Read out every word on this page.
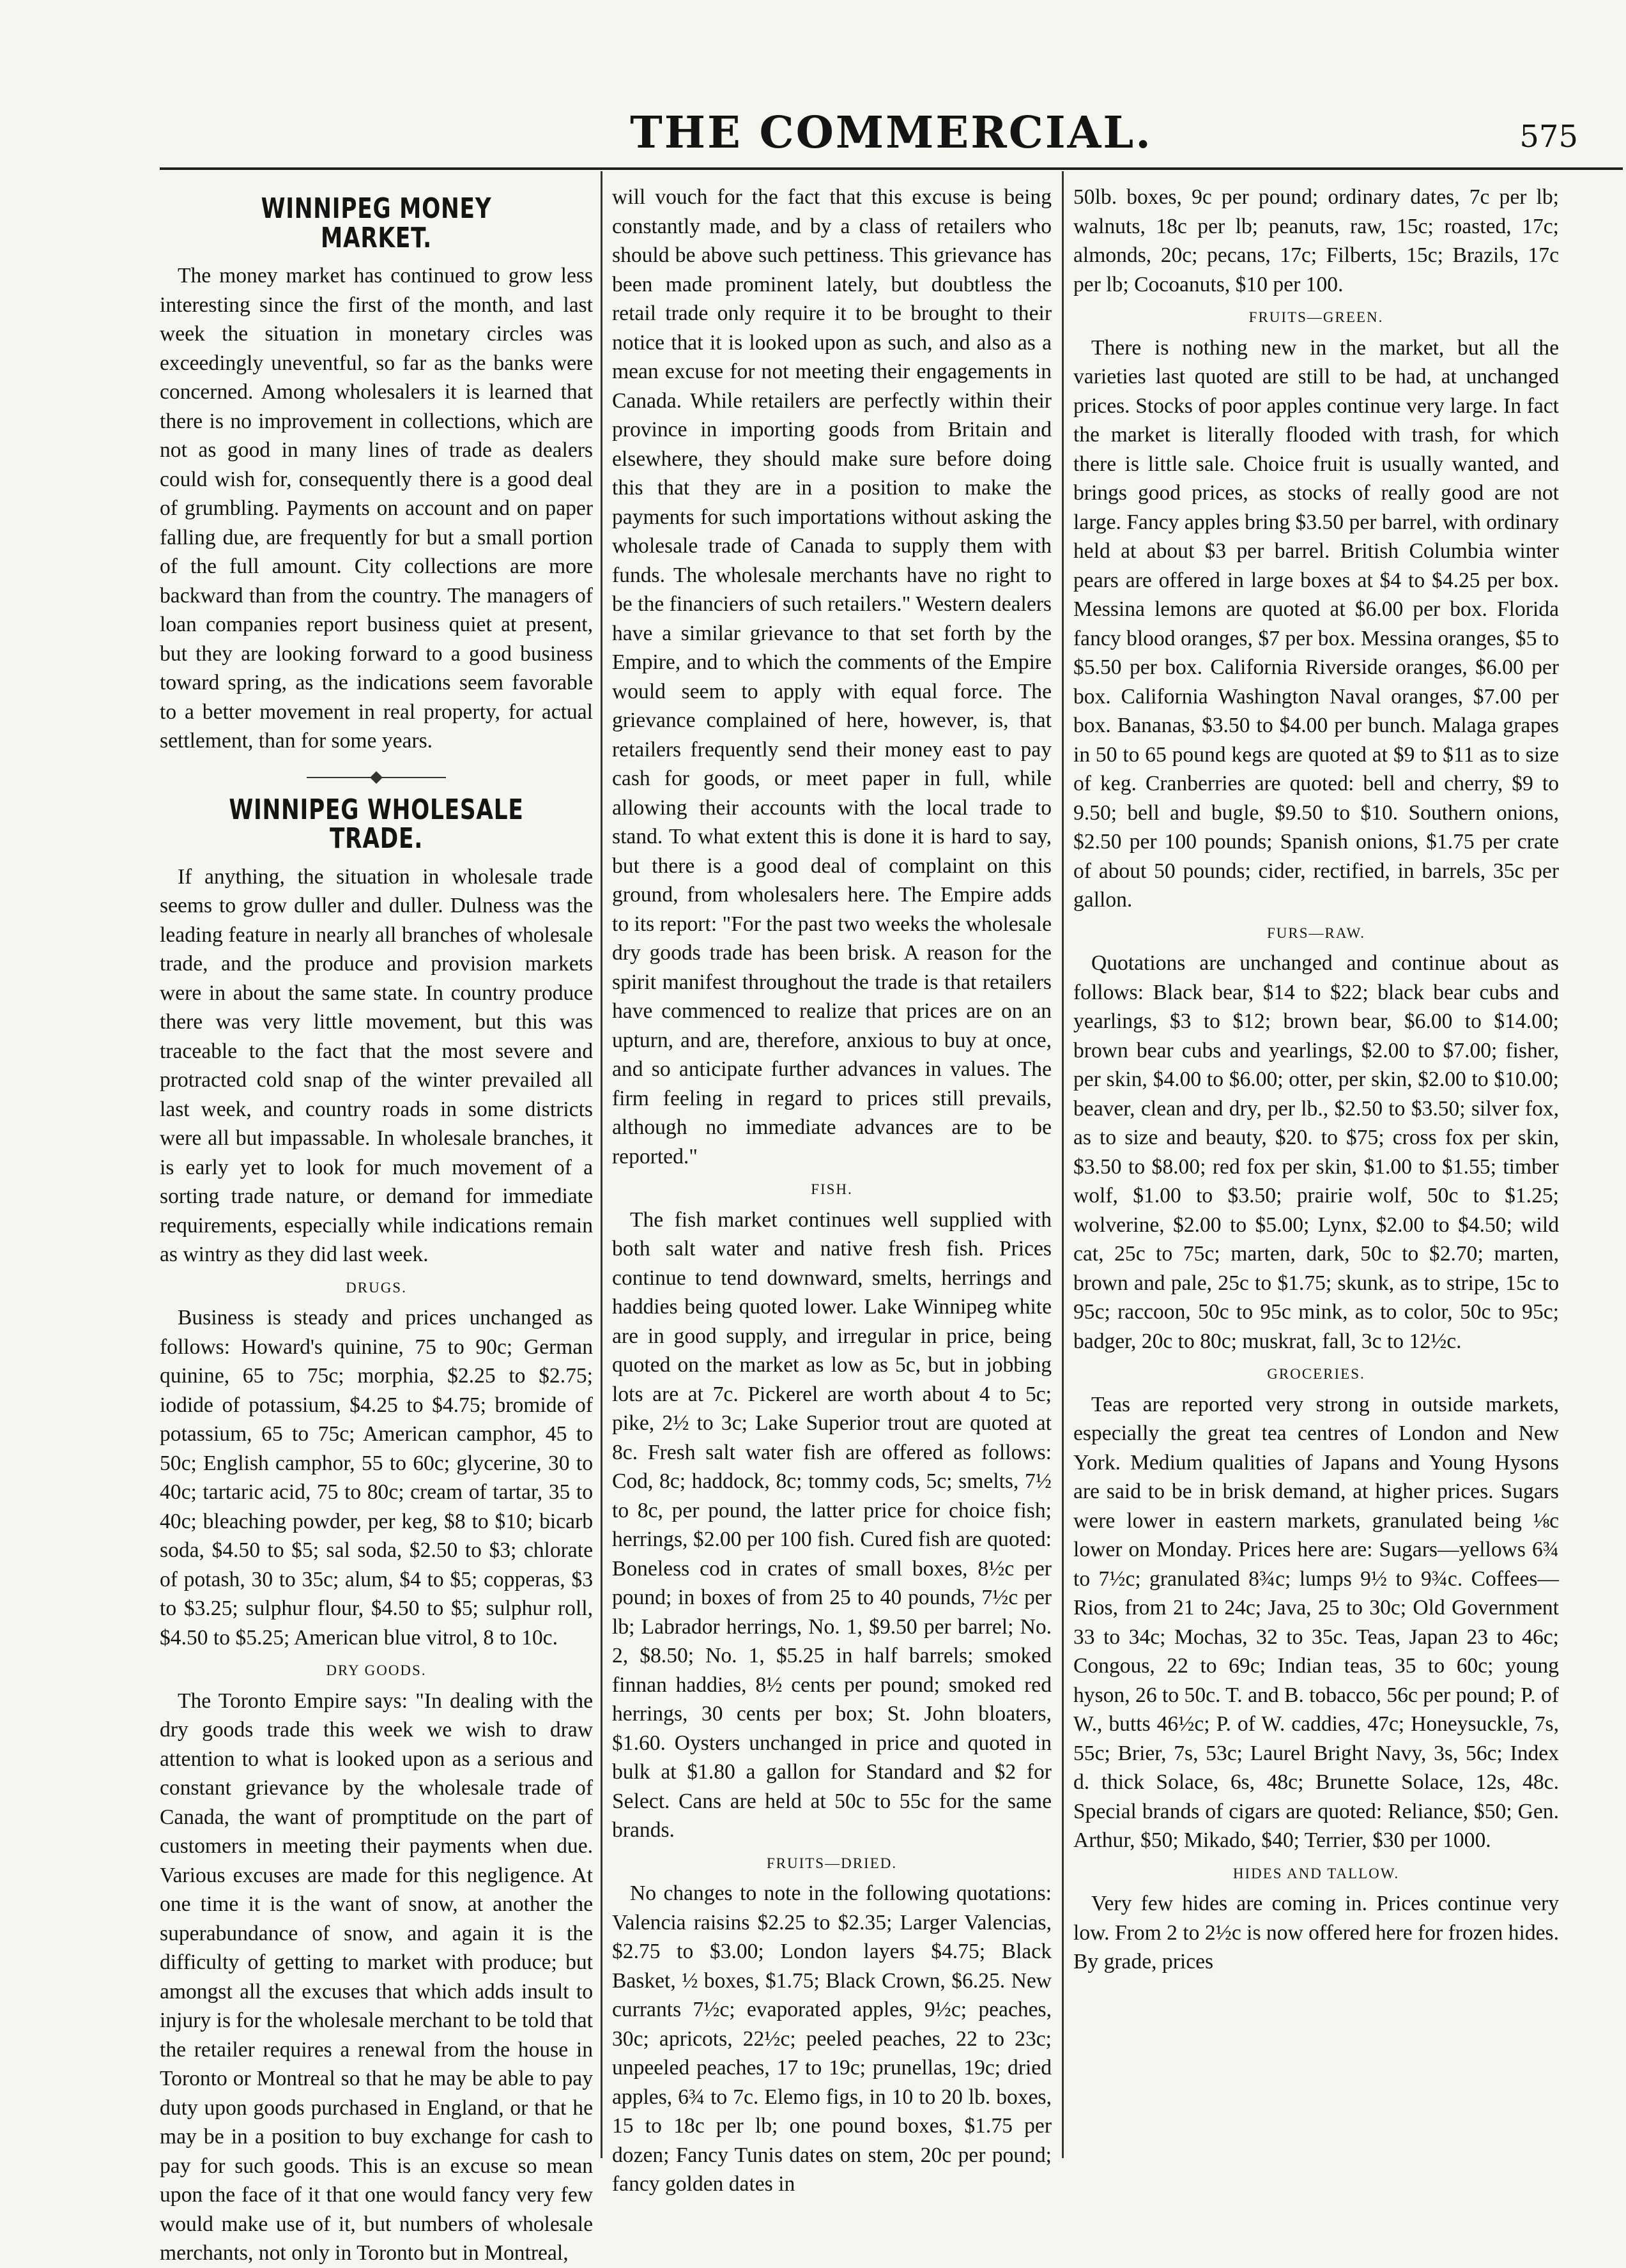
THE COMMERCIAL.	575
WINNIPEG MONEY MARKET.

The money market has continued to grow less interesting since the first of the month, and last week the situation in monetary circles was exceedingly uneventful, so far as the banks were concerned. Among wholesalers it is learned that there is no improvement in collections, which are not as good in many lines of trade as dealers could wish for, consequently there is a good deal of grumbling. Payments on account and on paper falling due, are frequently for but a small portion of the full amount. City collections are more backward than from the country. The managers of loan companies report business quiet at present, but they are looking forward to a good business toward spring, as the indications seem favorable to a better movement in real property, for actual settlement, than for some years.

WINNIPEG WHOLESALE TRADE.

If anything, the situation in wholesale trade seems to grow duller and duller. Dulness was the leading feature in nearly all branches of wholesale trade, and the produce and provision markets were in about the same state. In country produce there was very little movement, but this was traceable to the fact that the most severe and protracted cold snap of the winter prevailed all last week, and country roads in some districts were all but impassable. In wholesale branches, it is early yet to look for much movement of a sorting trade nature, or demand for immediate requirements, especially while indications remain as wintry as they did last week.

DRUGS.

Business is steady and prices unchanged as follows: Howard's quinine, 75 to 90c; German quinine, 65 to 75c; morphia, $2.25 to $2.75; iodide of potassium, $4.25 to $4.75; bromide of potassium, 65 to 75c; American camphor, 45 to 50c; English camphor, 55 to 60c; glycerine, 30 to 40c; tartaric acid, 75 to 80c; cream of tartar, 35 to 40c; bleaching powder, per keg, $8 to $10; bicarb soda, $4.50 to $5; sal soda, $2.50 to $3; chlorate of potash, 30 to 35c; alum, $4 to $5; copperas, $3 to $3.25; sulphur flour, $4.50 to $5; sulphur roll, $4.50 to $5.25; American blue vitrol, 8 to 10c.

DRY GOODS.

The Toronto Empire says: "In dealing with the dry goods trade this week we wish to draw attention to what is looked upon as a serious and constant grievance by the wholesale trade of Canada, the want of promptitude on the part of customers in meeting their payments when due. Various excuses are made for this negligence. At one time it is the want of snow, at another the superabundance of snow, and again it is the difficulty of getting to market with produce; but amongst all the excuses that which adds insult to injury is for the wholesale merchant to be told that the retailer requires a renewal from the house in Toronto or Montreal so that he may be able to pay duty upon goods purchased in England, or that he may be in a position to buy exchange for cash to pay for such goods. This is an excuse so mean upon the face of it that one would fancy very few would make use of it, but numbers of wholesale merchants, not only in Toronto but in Montreal,

will vouch for the fact that this excuse is being constantly made, and by a class of retailers who should be above such pettiness. This grievance has been made prominent lately, but doubtless the retail trade only require it to be brought to their notice that it is looked upon as such, and also as a mean excuse for not meeting their engagements in Canada. While retailers are perfectly within their province in importing goods from Britain and elsewhere, they should make sure before doing this that they are in a position to make the payments for such importations without asking the wholesale trade of Canada to supply them with funds. The wholesale merchants have no right to be the financiers of such retailers." Western dealers have a similar grievance to that set forth by the Empire, and to which the comments of the Empire would seem to apply with equal force. The grievance complained of here, however, is, that retailers frequently send their money east to pay cash for goods, or meet paper in full, while allowing their accounts with the local trade to stand. To what extent this is done it is hard to say, but there is a good deal of complaint on this ground, from wholesalers here. The Empire adds to its report: "For the past two weeks the wholesale dry goods trade has been brisk. A reason for the spirit manifest throughout the trade is that retailers have commenced to realize that prices are on an upturn, and are, therefore, anxious to buy at once, and so anticipate further advances in values. The firm feeling in regard to prices still prevails, although no immediate advances are to be reported."

FISH.

The fish market continues well supplied with both salt water and native fresh fish. Prices continue to tend downward, smelts, herrings and haddies being quoted lower. Lake Winnipeg white are in good supply, and irregular in price, being quoted on the market as low as 5c, but in jobbing lots are at 7c. Pickerel are worth about 4 to 5c; pike, 2½ to 3c; Lake Superior trout are quoted at 8c. Fresh salt water fish are offered as follows: Cod, 8c; haddock, 8c; tommy cods, 5c; smelts, 7½ to 8c, per pound, the latter price for choice fish; herrings, $2.00 per 100 fish. Cured fish are quoted: Boneless cod in crates of small boxes, 8½c per pound; in boxes of from 25 to 40 pounds, 7½c per lb; Labrador herrings, No. 1, $9.50 per barrel; No. 2, $8.50; No. 1, $5.25 in half barrels; smoked finnan haddies, 8½ cents per pound; smoked red herrings, 30 cents per box; St. John bloaters, $1.60. Oysters unchanged in price and quoted in bulk at $1.80 a gallon for Standard and $2 for Select. Cans are held at 50c to 55c for the same brands.

FRUITS—DRIED.

No changes to note in the following quotations: Valencia raisins $2.25 to $2.35; Larger Valencias, $2.75 to $3.00; London layers $4.75; Black Basket, ½ boxes, $1.75; Black Crown, $6.25. New currants 7½c; evaporated apples, 9½c; peaches, 30c; apricots, 22½c; peeled peaches, 22 to 23c; unpeeled peaches, 17 to 19c; prunellas, 19c; dried apples, 6¾ to 7c. Elemo figs, in 10 to 20 lb. boxes, 15 to 18c per lb; one pound boxes, $1.75 per dozen; Fancy Tunis dates on stem, 20c per pound; fancy golden dates in

50lb. boxes, 9c per pound; ordinary dates, 7c per lb; walnuts, 18c per lb; peanuts, raw, 15c; roasted, 17c; almonds, 20c; pecans, 17c; Filberts, 15c; Brazils, 17c per lb; Cocoanuts, $10 per 100.

FRUITS—GREEN.

There is nothing new in the market, but all the varieties last quoted are still to be had, at unchanged prices. Stocks of poor apples continue very large. In fact the market is literally flooded with trash, for which there is little sale. Choice fruit is usually wanted, and brings good prices, as stocks of really good are not large. Fancy apples bring $3.50 per barrel, with ordinary held at about $3 per barrel. British Columbia winter pears are offered in large boxes at $4 to $4.25 per box. Messina lemons are quoted at $6.00 per box. Florida fancy blood oranges, $7 per box. Messina oranges, $5 to $5.50 per box. California Riverside oranges, $6.00 per box. California Washington Naval oranges, $7.00 per box. Bananas, $3.50 to $4.00 per bunch. Malaga grapes in 50 to 65 pound kegs are quoted at $9 to $11 as to size of keg. Cranberries are quoted: bell and cherry, $9 to 9.50; bell and bugle, $9.50 to $10. Southern onions, $2.50 per 100 pounds; Spanish onions, $1.75 per crate of about 50 pounds; cider, rectified, in barrels, 35c per gallon.

FURS—RAW.

Quotations are unchanged and continue about as follows: Black bear, $14 to $22; black bear cubs and yearlings, $3 to $12; brown bear, $6.00 to $14.00; brown bear cubs and yearlings, $2.00 to $7.00; fisher, per skin, $4.00 to $6.00; otter, per skin, $2.00 to $10.00; beaver, clean and dry, per lb., $2.50 to $3.50; silver fox, as to size and beauty, $20. to $75; cross fox per skin, $3.50 to $8.00; red fox per skin, $1.00 to $1.55; timber wolf, $1.00 to $3.50; prairie wolf, 50c to $1.25; wolverine, $2.00 to $5.00; Lynx, $2.00 to $4.50; wild cat, 25c to 75c; marten, dark, 50c to $2.70; marten, brown and pale, 25c to $1.75; skunk, as to stripe, 15c to 95c; raccoon, 50c to 95c mink, as to color, 50c to 95c; badger, 20c to 80c; muskrat, fall, 3c to 12½c.

GROCERIES.

Teas are reported very strong in outside markets, especially the great tea centres of London and New York. Medium qualities of Japans and Young Hysons are said to be in brisk demand, at higher prices. Sugars were lower in eastern markets, granulated being ⅛c lower on Monday. Prices here are: Sugars—yellows 6¾ to 7½c; granulated 8¾c; lumps 9½ to 9¾c. Coffees—Rios, from 21 to 24c; Java, 25 to 30c; Old Government 33 to 34c; Mochas, 32 to 35c. Teas, Japan 23 to 46c; Congous, 22 to 69c; Indian teas, 35 to 60c; young hyson, 26 to 50c. T. and B. tobacco, 56c per pound; P. of W., butts 46½c; P. of W. caddies, 47c; Honeysuckle, 7s, 55c; Brier, 7s, 53c; Laurel Bright Navy, 3s, 56c; Index d. thick Solace, 6s, 48c; Brunette Solace, 12s, 48c. Special brands of cigars are quoted: Reliance, $50; Gen. Arthur, $50; Mikado, $40; Terrier, $30 per 1000.

HIDES AND TALLOW.

Very few hides are coming in. Prices continue very low. From 2 to 2½c is now offered here for frozen hides. By grade, prices
